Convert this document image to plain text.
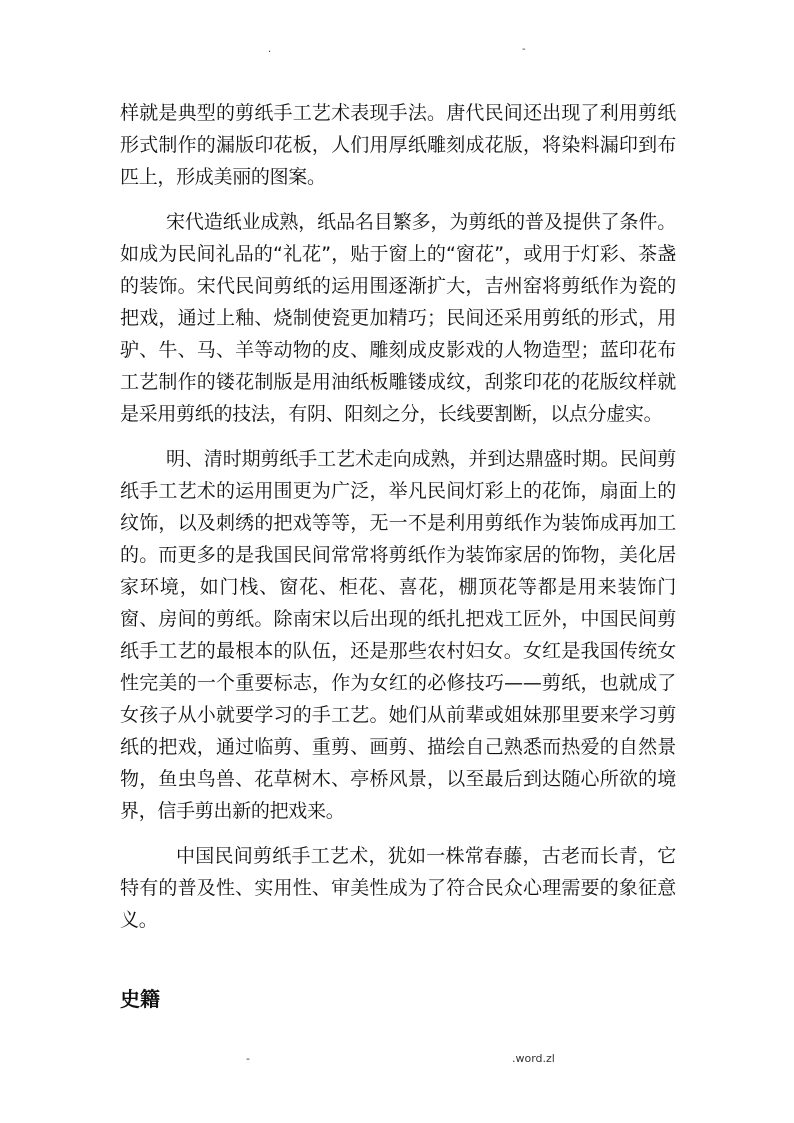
.	-

样就是典型的剪纸手工艺术表现手法。唐代民间还出现了利用剪纸形式制作的漏版印花板，人们用厚纸雕刻成花版，将染料漏印到布匹上，形成美丽的图案。

宋代造纸业成熟，纸品名目繁多，为剪纸的普及提供了条件。如成为民间礼品的“礼花”，贴于窗上的“窗花”，或用于灯彩、茶盏的装饰。宋代民间剪纸的运用围逐渐扩大，吉州窑将剪纸作为瓷的把戏，通过上釉、烧制使瓷更加精巧；民间还采用剪纸的形式，用驴、牛、马、羊等动物的皮、雕刻成皮影戏的人物造型；蓝印花布工艺制作的镂花制版是用油纸板雕镂成纹，刮浆印花的花版纹样就是采用剪纸的技法，有阴、阳刻之分，长线要割断，以点分虚实。

明、清时期剪纸手工艺术走向成熟，并到达鼎盛时期。民间剪纸手工艺术的运用围更为广泛，举凡民间灯彩上的花饰，扇面上的纹饰，以及刺绣的把戏等等，无一不是利用剪纸作为装饰成再加工的。而更多的是我国民间常常将剪纸作为装饰家居的饰物，美化居家环境，如门栈、窗花、柜花、喜花，棚顶花等都是用来装饰门窗、房间的剪纸。除南宋以后出现的纸扎把戏工匠外，中国民间剪纸手工艺的最根本的队伍，还是那些农村妇女。女红是我国传统女性完美的一个重要标志，作为女红的必修技巧——剪纸，也就成了女孩子从小就要学习的手工艺。她们从前辈或姐妹那里要来学习剪纸的把戏，通过临剪、重剪、画剪、描绘自己熟悉而热爱的自然景物，鱼虫鸟兽、花草树木、亭桥风景，以至最后到达随心所欲的境界，信手剪出新的把戏来。

中国民间剪纸手工艺术，犹如一株常春藤，古老而长青，它特有的普及性、实用性、审美性成为了符合民众心理需要的象征意义。

史籍
-	.word.zl
